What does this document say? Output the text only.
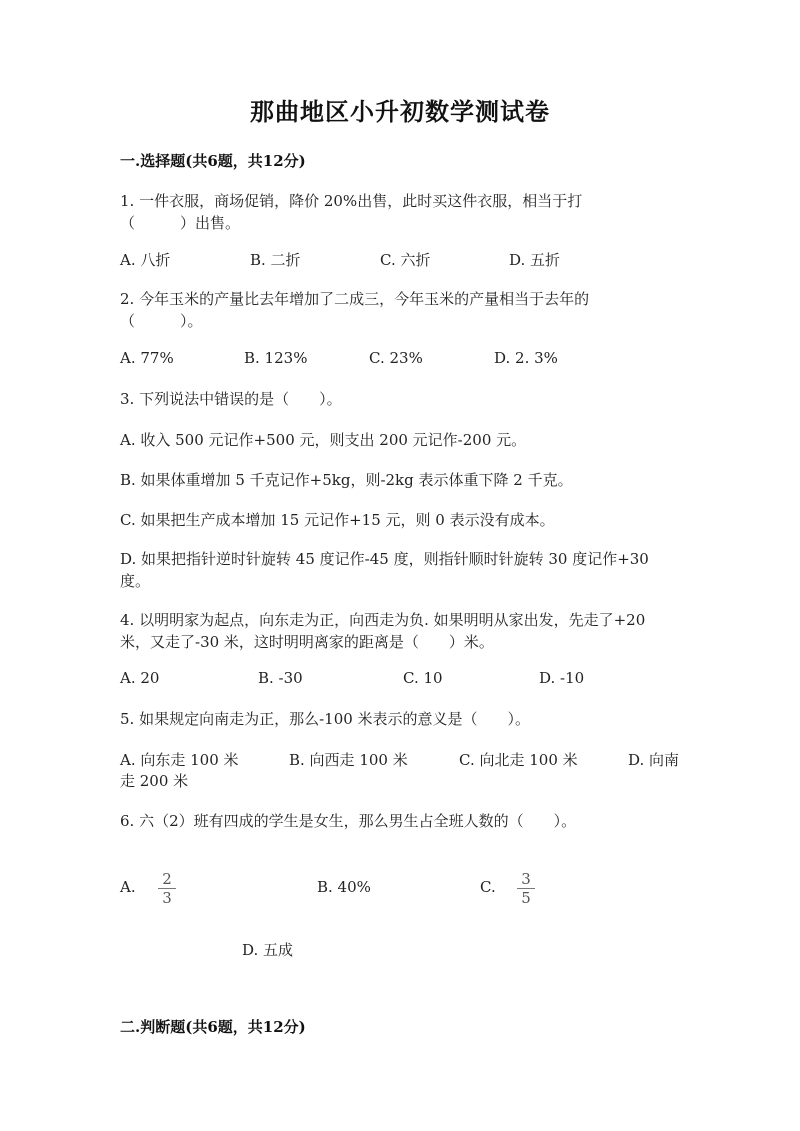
那曲地区小升初数学测试卷
一.选择题(共6题，共12分)
1. 一件衣服，商场促销，降价 20%出售，此时买这件衣服，相当于打
（　　　）出售。
A. 八折	B. 二折	C. 六折	D. 五折
2. 今年玉米的产量比去年增加了二成三，今年玉米的产量相当于去年的
（　　　）。
A. 77%	B. 123%	C. 23%	D. 2. 3%
3. 下列说法中错误的是（　　）。
A. 收入 500 元记作+500 元，则支出 200 元记作-200 元。
B. 如果体重增加 5 千克记作+5kg，则-2kg 表示体重下降 2 千克。
C. 如果把生产成本增加 15 元记作+15 元，则 0 表示没有成本。
D. 如果把指针逆时针旋转 45 度记作-45 度，则指针顺时针旋转 30 度记作+30
度。
4. 以明明家为起点，向东走为正，向西走为负. 如果明明从家出发，先走了+20
米，又走了-30 米，这时明明离家的距离是（　　）米。
A. 20	B. -30	C. 10	D. -10
5. 如果规定向南走为正，那么-100 米表示的意义是（　　）。
A. 向东走 100 米	B. 向西走 100 米	C. 向北走 100 米	D. 向南
走 200 米
6. 六（2）班有四成的学生是女生，那么男生占全班人数的（　　）。
A.	2
3
B. 40%	C.	3
5
D. 五成
二.判断题(共6题，共12分)
